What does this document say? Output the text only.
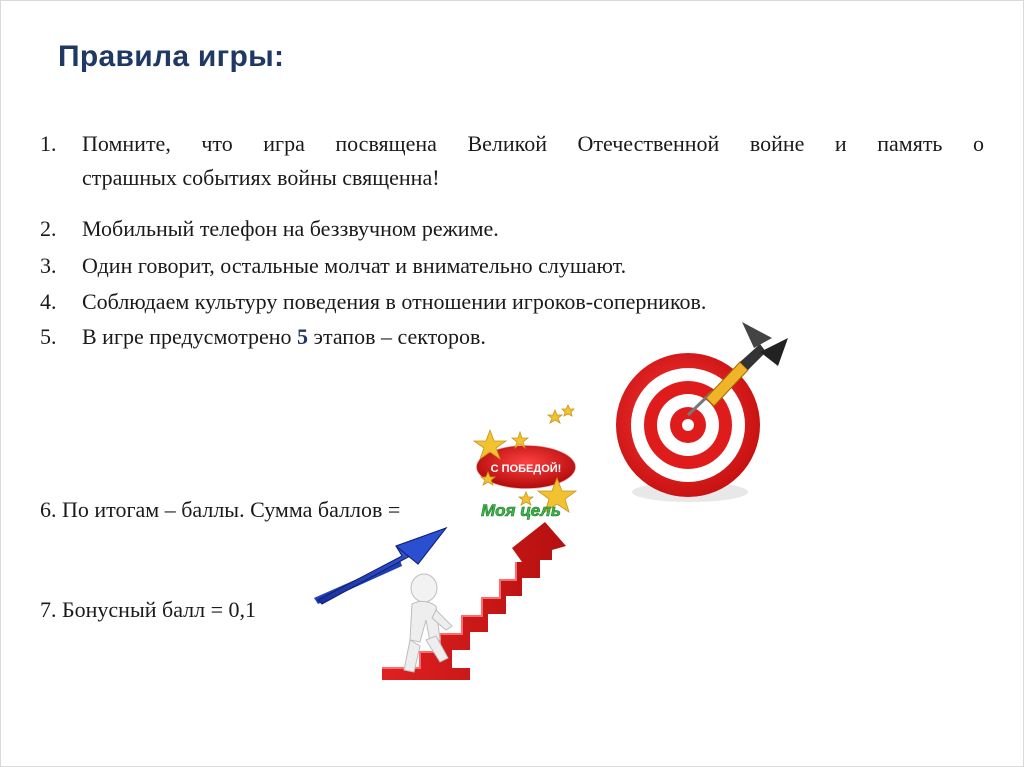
Правила игры:
1.	Помните, что игра посвящена Великой Отечественной войне и память о
страшных событиях войны священна!
2.	Мобильный телефон на беззвучном режиме.
3.	Один говорит, остальные молчат и внимательно слушают.
4.	Соблюдаем культуру поведения в отношении игроков-соперников.
5.	В игре предусмотрено 5 этапов – секторов.
С ПОБЕДОЙ!
6. По итогам – баллы. Сумма баллов =	Моя цель
7. Бонусный балл = 0,1
